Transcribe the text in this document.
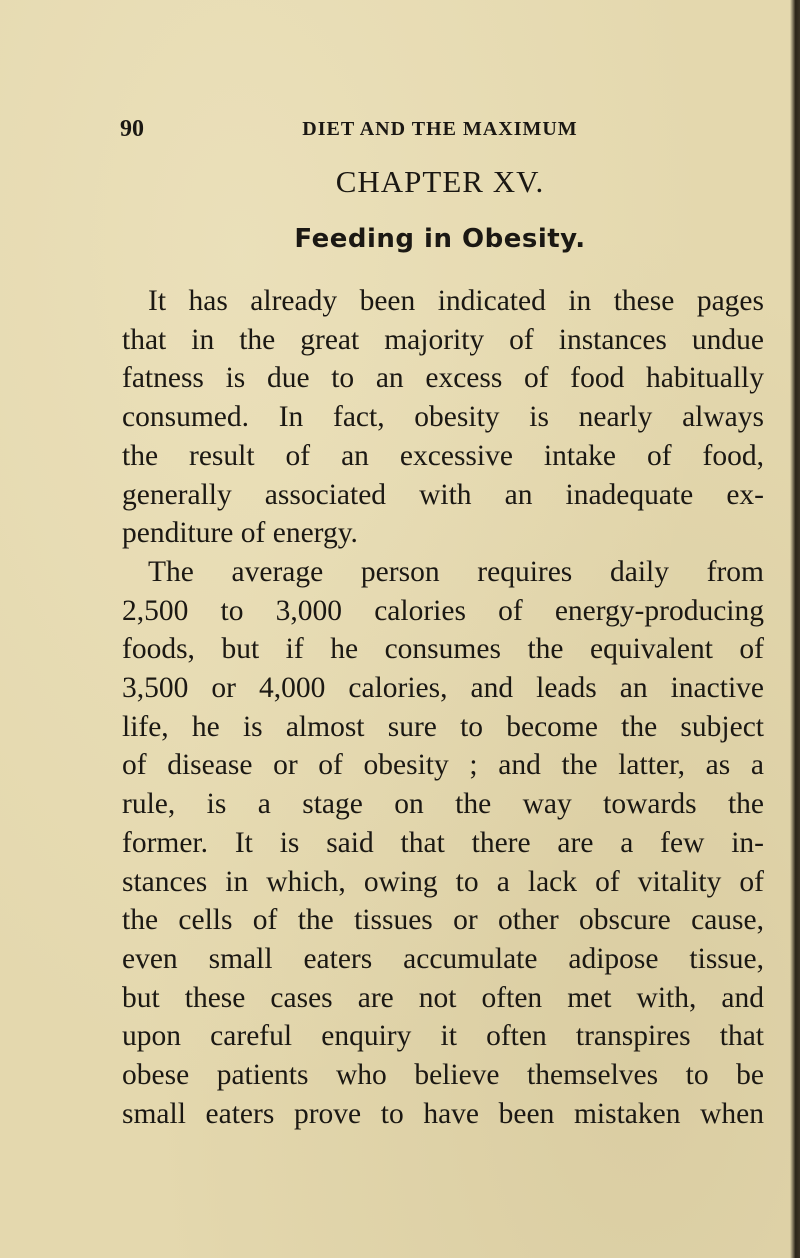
90	DIET AND THE MAXIMUM
CHAPTER XV.
Feeding in Obesity.

It has already been indicated in these pages

that in the great majority of instances undue

fatness is due to an excess of food habitually

consumed. In fact, obesity is nearly always

the result of an excessive intake of food,

generally associated with an inadequate ex-

penditure of energy.

The average person requires daily from

2,500 to 3,000 calories of energy-producing

foods, but if he consumes the equivalent of

3,500 or 4,000 calories, and leads an inactive

life, he is almost sure to become the subject

of disease or of obesity ; and the latter, as a

rule, is a stage on the way towards the

former. It is said that there are a few in-

stances in which, owing to a lack of vitality of

the cells of the tissues or other obscure cause,

even small eaters accumulate adipose tissue,

but these cases are not often met with, and

upon careful enquiry it often transpires that

obese patients who believe themselves to be

small eaters prove to have been mistaken when
